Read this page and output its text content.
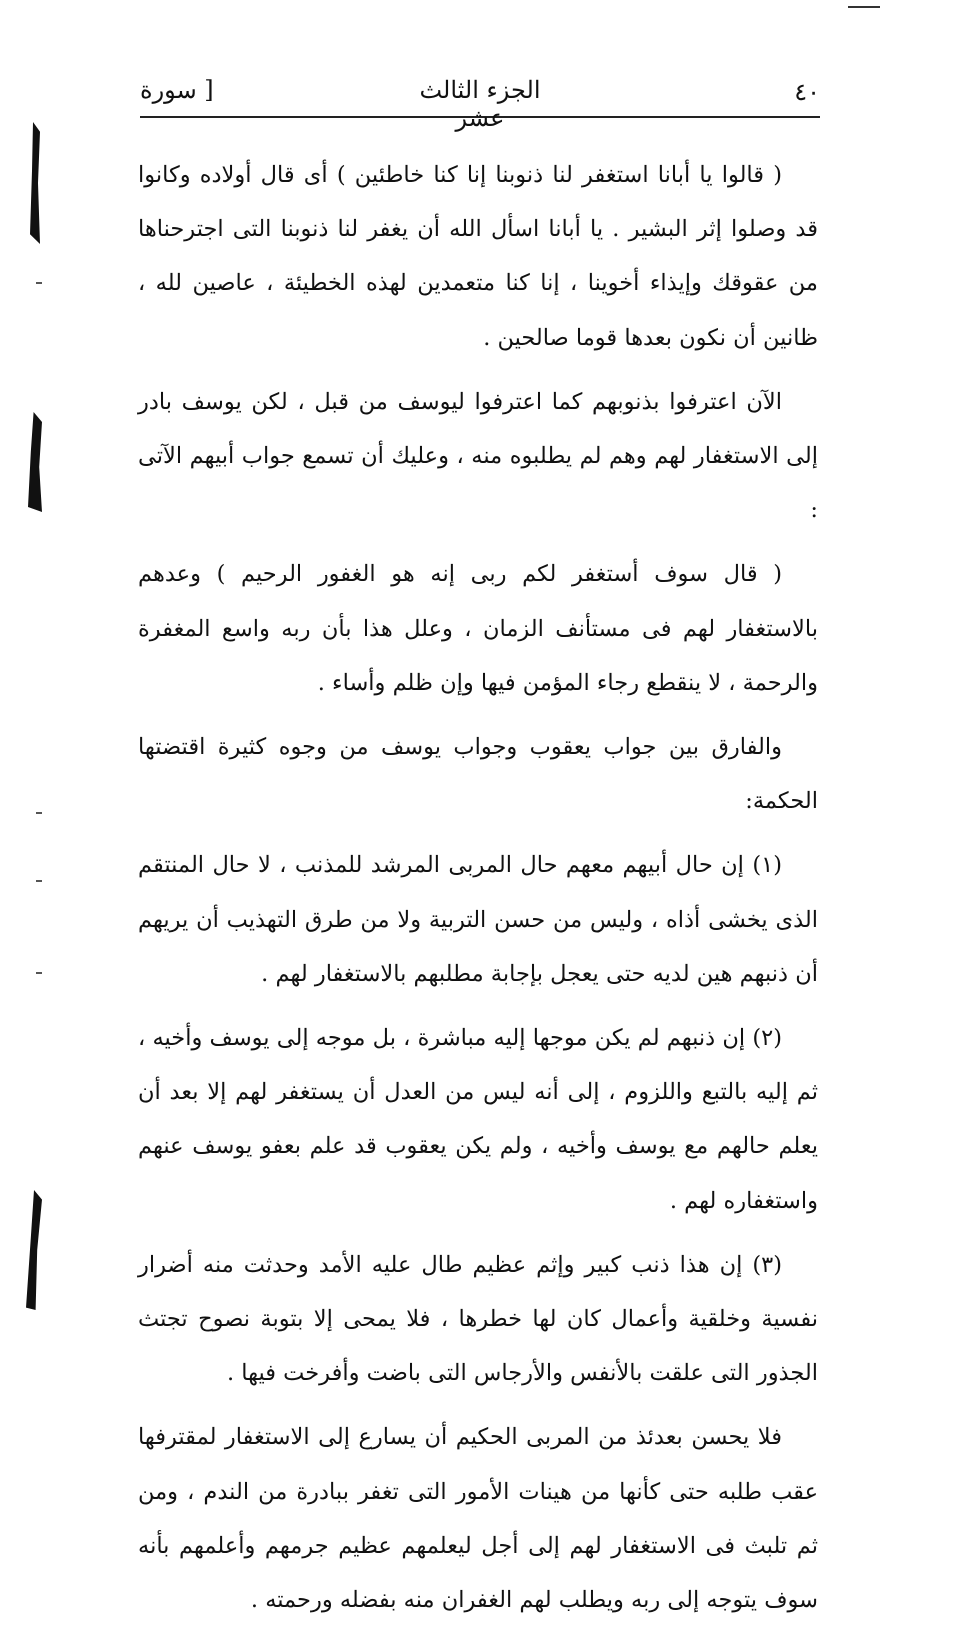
٤٠
الجزء الثالث عشر
[ سورة

( قالوا يا أبانا استغفر لنا ذنوبنا إنا كنا خاطئين ) أى قال أولاده وكانوا قد وصلوا إثر البشير . يا أبانا اسأل الله أن يغفر لنا ذنوبنا التى اجترحناها من عقوقك وإيذاء أخوينا ، إنا كنا متعمدين لهذه الخطيئة ، عاصين لله ، ظانين أن نكون بعدها قوما صالحين .

الآن اعترفوا بذنوبهم كما اعترفوا ليوسف من قبل ، لكن يوسف بادر إلى الاستغفار لهم وهم لم يطلبوه منه ، وعليك أن تسمع جواب أبيهم الآتى :

( قال سوف أستغفر لكم ربى إنه هو الغفور الرحيم ) وعدهم بالاستغفار لهم فى مستأنف الزمان ، وعلل هذا بأن ربه واسع المغفرة والرحمة ، لا ينقطع رجاء المؤمن فيها وإن ظلم وأساء .

والفارق بين جواب يعقوب وجواب يوسف من وجوه كثيرة اقتضتها الحكمة:

(١) إن حال أبيهم معهم حال المربى المرشد للمذنب ، لا حال المنتقم الذى يخشى أذاه ، وليس من حسن التربية ولا من طرق التهذيب أن يريهم أن ذنبهم هين لديه حتى يعجل بإجابة مطلبهم بالاستغفار لهم .

(٢) إن ذنبهم لم يكن موجها إليه مباشرة ، بل موجه إلى يوسف وأخيه ، ثم إليه بالتبع واللزوم ، إلى أنه ليس من العدل أن يستغفر لهم إلا بعد أن يعلم حالهم مع يوسف وأخيه ، ولم يكن يعقوب قد علم بعفو يوسف عنهم واستغفاره لهم .

(٣) إن هذا ذنب كبير وإثم عظيم طال عليه الأمد وحدثت منه أضرار نفسية وخلقية وأعمال كان لها خطرها ، فلا يمحى إلا بتوبة نصوح تجتث الجذور التى علقت بالأنفس والأرجاس التى باضت وأفرخت فيها .

فلا يحسن بعدئذ من المربى الحكيم أن يسارع إلى الاستغفار لمقترفها عقب طلبه حتى كأنها من هينات الأمور التى تغفر ببادرة من الندم ، ومن ثم تلبث فى الاستغفار لهم إلى أجل ليعلمهم عظيم جرمهم وأعلمهم بأنه سوف يتوجه إلى ربه ويطلب لهم الغفران منه بفضله ورحمته .
